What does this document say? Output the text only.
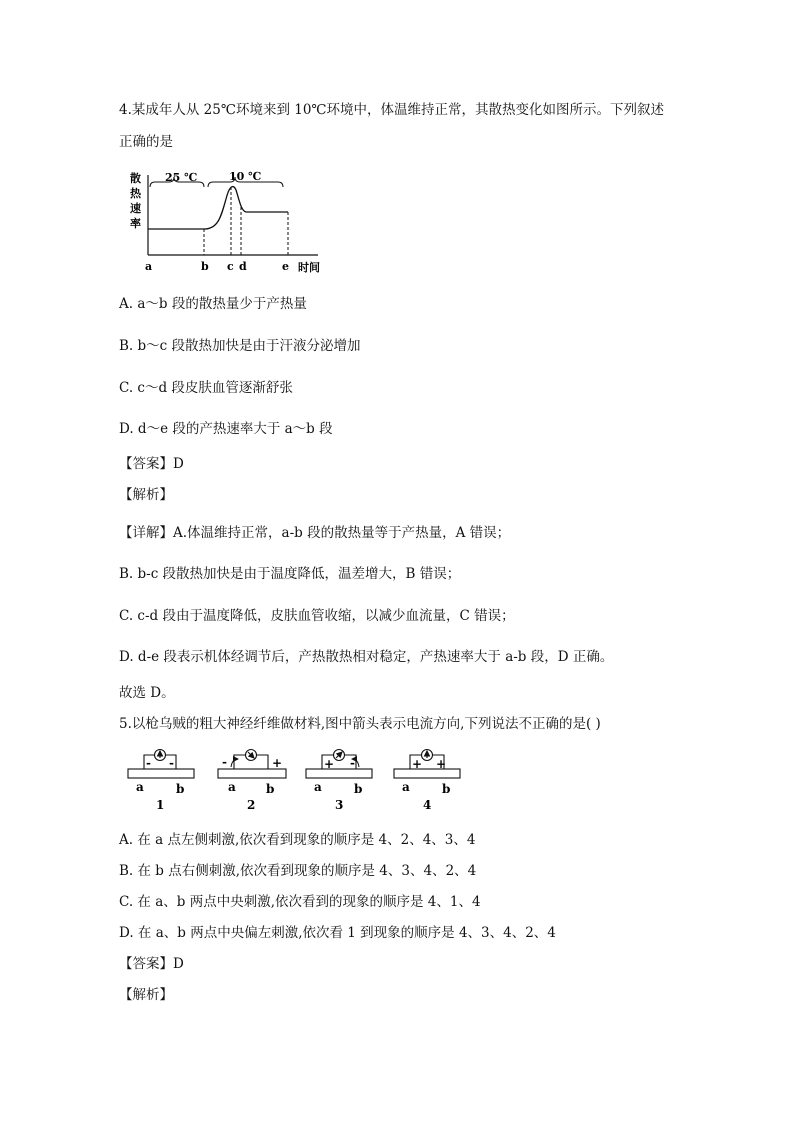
4.某成年人从 25℃环境来到 10℃环境中，体温维持正常，其散热变化如图所示。下列叙述
正确的是
散
热
速
率
25 ℃	10 ℃
a	b c d	e 时间
A. a～b 段的散热量少于产热量
B. b～c 段散热加快是由于汗液分泌增加
C. c～d 段皮肤血管逐渐舒张
D. d～e 段的产热速率大于 a～b 段
【答案】D
【解析】
【详解】A.体温维持正常，a-b 段的散热量等于产热量，A 错误；
B. b-c 段散热加快是由于温度降低，温差增大，B 错误；
C. c-d 段由于温度降低，皮肤血管收缩，以减少血流量，C 错误；
D. d-e 段表示机体经调节后，产热散热相对稳定，产热速率大于 a-b 段，D 正确。
故选 D。
5.以枪乌贼的粗大神经纤维做材料,图中箭头表示电流方向,下列说法不正确的是( )
- -
a	b
1
-	+
a	b
2
+ -
a	b
3
+ +
a	b
4
A. 在 a 点左侧刺激,依次看到现象的顺序是 4、2、4、3、4
B. 在 b 点右侧刺激,依次看到现象的顺序是 4、3、4、2、4
C. 在 a、b 两点中央刺激,依次看到的现象的顺序是 4、1、4
D. 在 a、b 两点中央偏左刺激,依次看 1 到现象的顺序是 4、3、4、2、4
【答案】D
【解析】
